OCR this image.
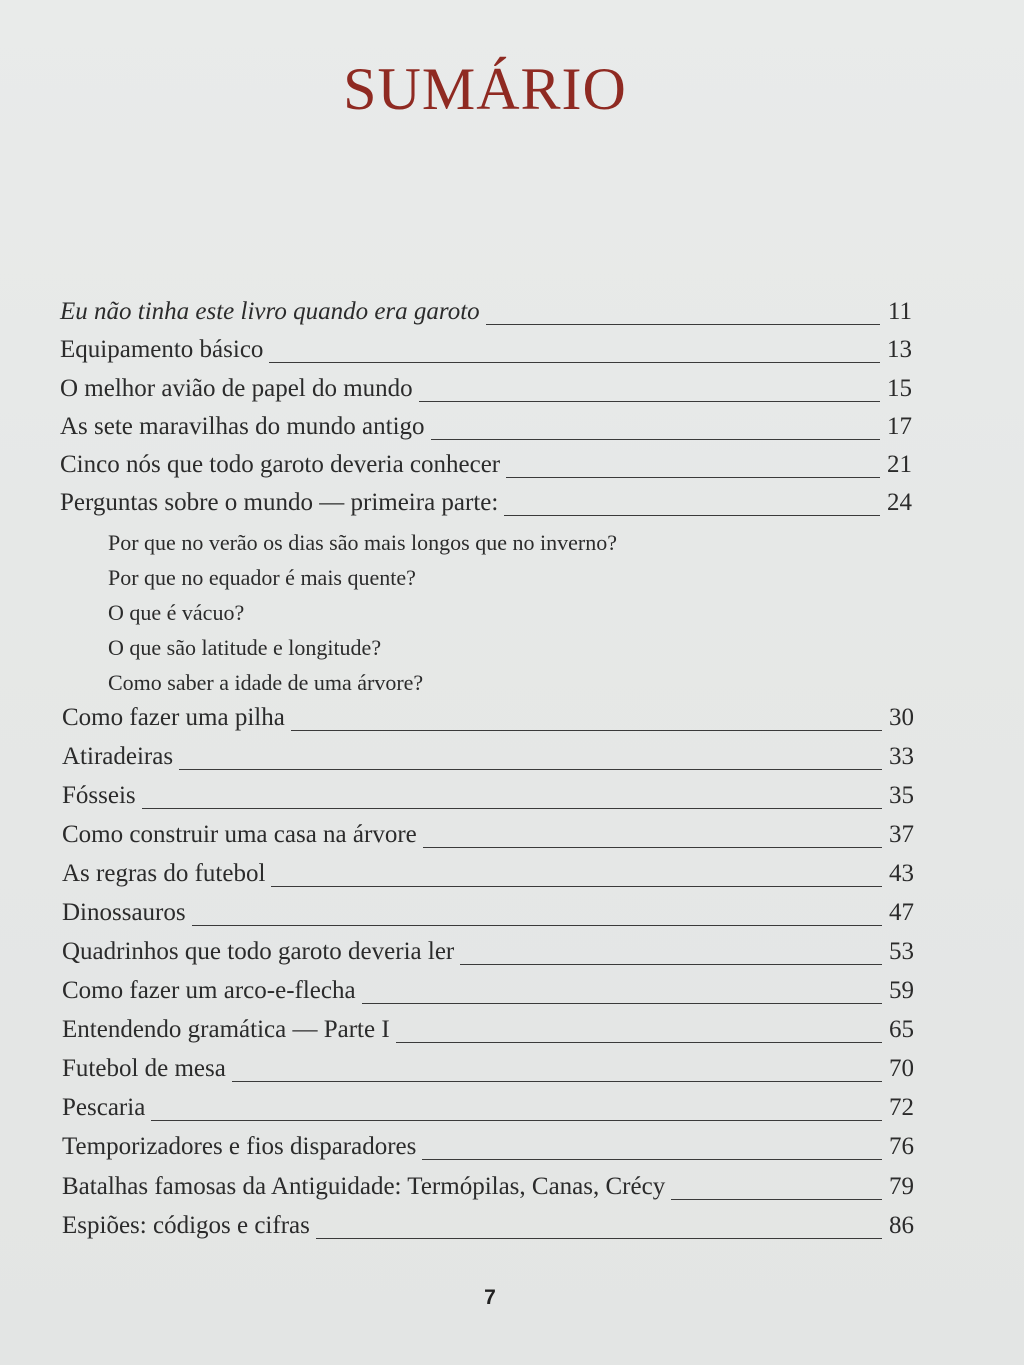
SUMÁRIO
Eu não tinha este livro quando era garoto	11
Equipamento básico	13
O melhor avião de papel do mundo	15
As sete maravilhas do mundo antigo	17
Cinco nós que todo garoto deveria conhecer	21
Perguntas sobre o mundo — primeira parte:	24
Por que no verão os dias são mais longos que no inverno?
Por que no equador é mais quente?
O que é vácuo?
O que são latitude e longitude?
Como saber a idade de uma árvore?
Como fazer uma pilha	30
Atiradeiras	33
Fósseis	35
Como construir uma casa na árvore	37
As regras do futebol	43
Dinossauros	47
Quadrinhos que todo garoto deveria ler	53
Como fazer um arco-e-flecha	59
Entendendo gramática — Parte I	65
Futebol de mesa	70
Pescaria	72
Temporizadores e fios disparadores	76
Batalhas famosas da Antiguidade: Termópilas, Canas, Crécy	79
Espiões: códigos e cifras	86
7
